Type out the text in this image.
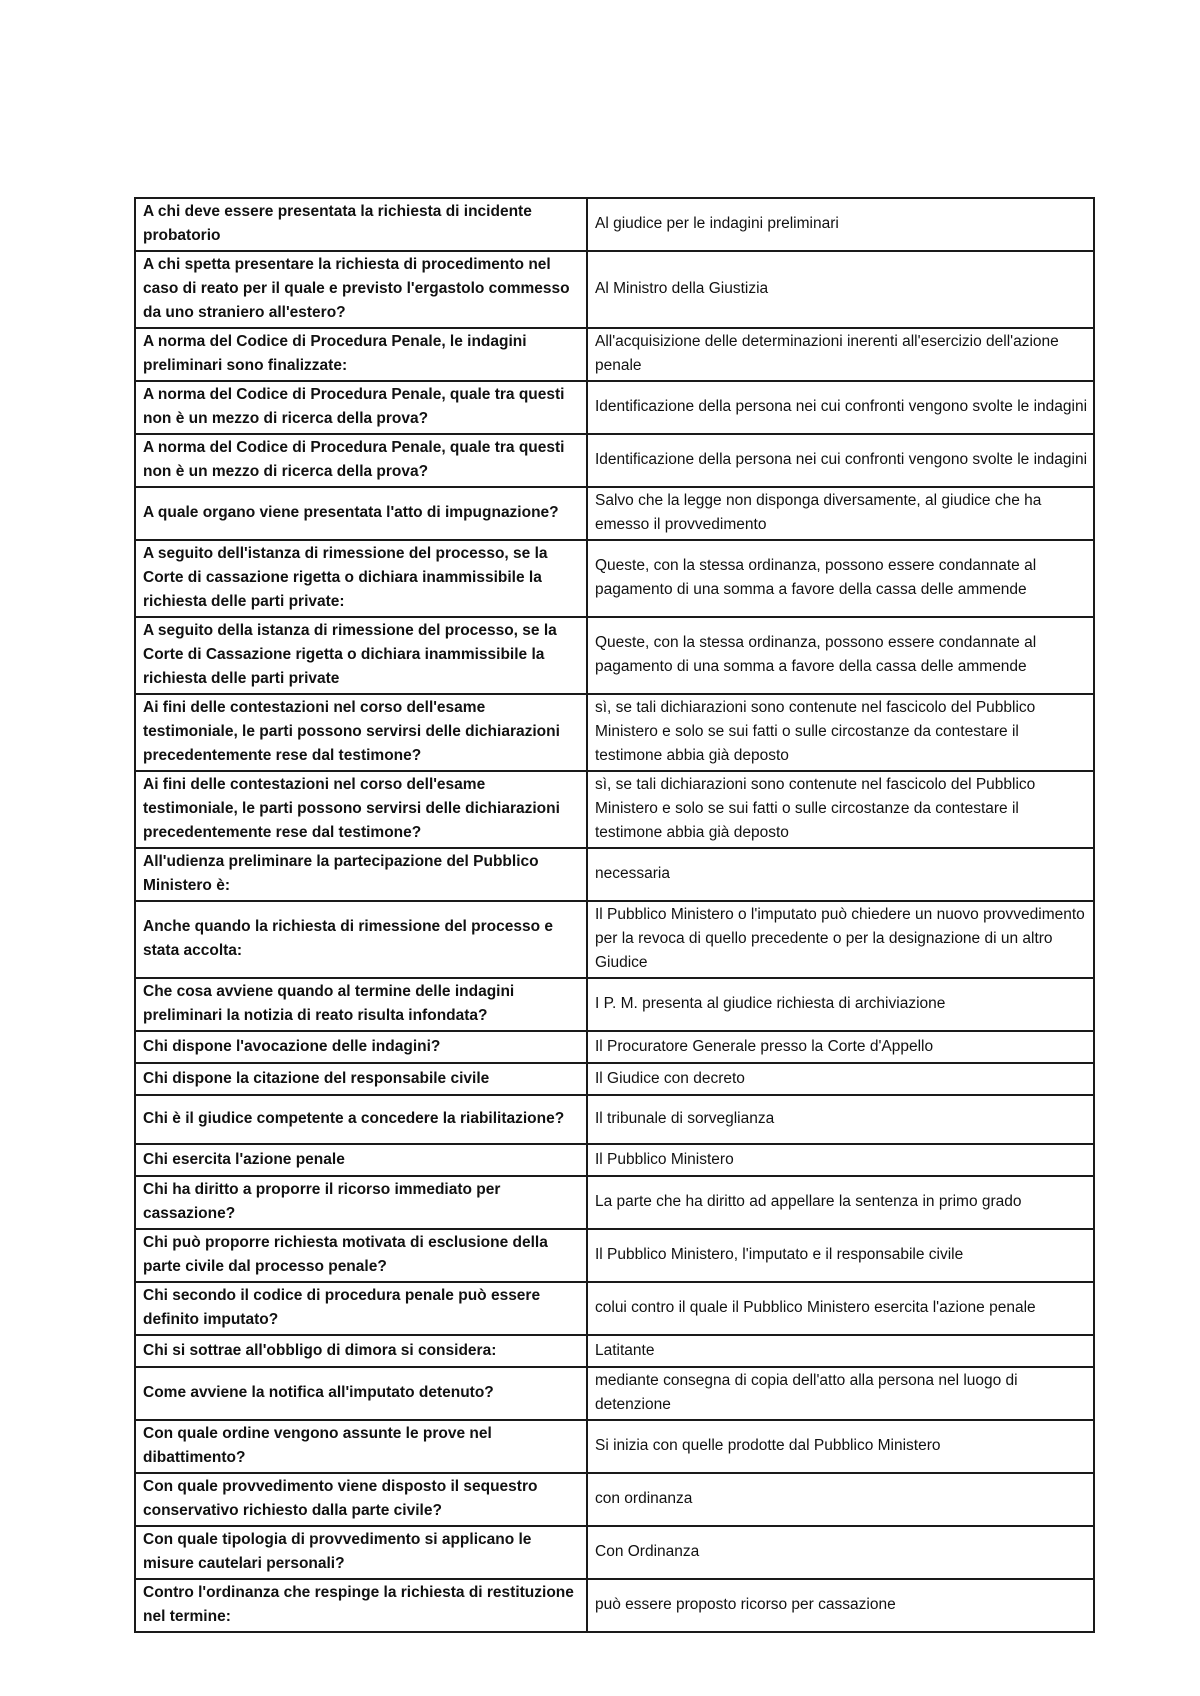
A chi deve essere presentata la richiesta di incidente probatorio	Al giudice per le indagini preliminari
A chi spetta presentare la richiesta di procedimento nel caso di reato per il quale e previsto l'ergastolo commesso da uno straniero all'estero?	Al Ministro della Giustizia
A norma del Codice di Procedura Penale, le indagini preliminari sono finalizzate:	All'acquisizione delle determinazioni inerenti all'esercizio dell'azione penale
A norma del Codice di Procedura Penale, quale tra questi non è un mezzo di ricerca della prova?	Identificazione della persona nei cui confronti vengono svolte le indagini
A norma del Codice di Procedura Penale, quale tra questi non è un mezzo di ricerca della prova?	Identificazione della persona nei cui confronti vengono svolte le indagini
A quale organo viene presentata l'atto di impugnazione?	Salvo che la legge non disponga diversamente, al giudice che ha emesso il provvedimento
A seguito dell'istanza di rimessione del processo, se la Corte di cassazione rigetta o dichiara inammissibile la richiesta delle parti private:	Queste, con la stessa ordinanza, possono essere condannate al pagamento di una somma a favore della cassa delle ammende
A seguito della istanza di rimessione del processo, se la Corte di Cassazione rigetta o dichiara inammissibile la richiesta delle parti private	Queste, con la stessa ordinanza, possono essere condannate al pagamento di una somma a favore della cassa delle ammende
Ai fini delle contestazioni nel corso dell'esame testimoniale, le parti possono servirsi delle dichiarazioni precedentemente rese dal testimone?	sì, se tali dichiarazioni sono contenute nel fascicolo del Pubblico Ministero e solo se sui fatti o sulle circostanze da contestare il testimone abbia già deposto
Ai fini delle contestazioni nel corso dell'esame testimoniale, le parti possono servirsi delle dichiarazioni precedentemente rese dal testimone?	sì, se tali dichiarazioni sono contenute nel fascicolo del Pubblico Ministero e solo se sui fatti o sulle circostanze da contestare il testimone abbia già deposto
All'udienza preliminare la partecipazione del Pubblico Ministero è:	necessaria
Anche quando la richiesta di rimessione del processo e stata accolta:	Il Pubblico Ministero o l'imputato può chiedere un nuovo provvedimento per la revoca di quello precedente o per la designazione di un altro Giudice
Che cosa avviene quando al termine delle indagini preliminari la notizia di reato risulta infondata?	I P. M. presenta al giudice richiesta di archiviazione
Chi dispone l'avocazione delle indagini?	Il Procuratore Generale presso la Corte d'Appello
Chi dispone la citazione del responsabile civile	Il Giudice con decreto
Chi è il giudice competente a concedere la riabilitazione?	Il tribunale di sorveglianza
Chi esercita l'azione penale	Il Pubblico Ministero
Chi ha diritto a proporre il ricorso immediato per cassazione?	La parte che ha diritto ad appellare la sentenza in primo grado
Chi può proporre richiesta motivata di esclusione della parte civile dal processo penale?	Il Pubblico Ministero, l'imputato e il responsabile civile
Chi secondo il codice di procedura penale può essere definito imputato?	colui contro il quale il Pubblico Ministero esercita l'azione penale
Chi si sottrae all'obbligo di dimora si considera:	Latitante
Come avviene la notifica all'imputato detenuto?	mediante consegna di copia dell'atto alla persona nel luogo di detenzione
Con quale ordine vengono assunte le prove nel dibattimento?	Si inizia con quelle prodotte dal Pubblico Ministero
Con quale provvedimento viene disposto il sequestro conservativo richiesto dalla parte civile?	con ordinanza
Con quale tipologia di provvedimento si applicano le misure cautelari personali?	Con Ordinanza
Contro l'ordinanza che respinge la richiesta di restituzione nel termine:	può essere proposto ricorso per cassazione
